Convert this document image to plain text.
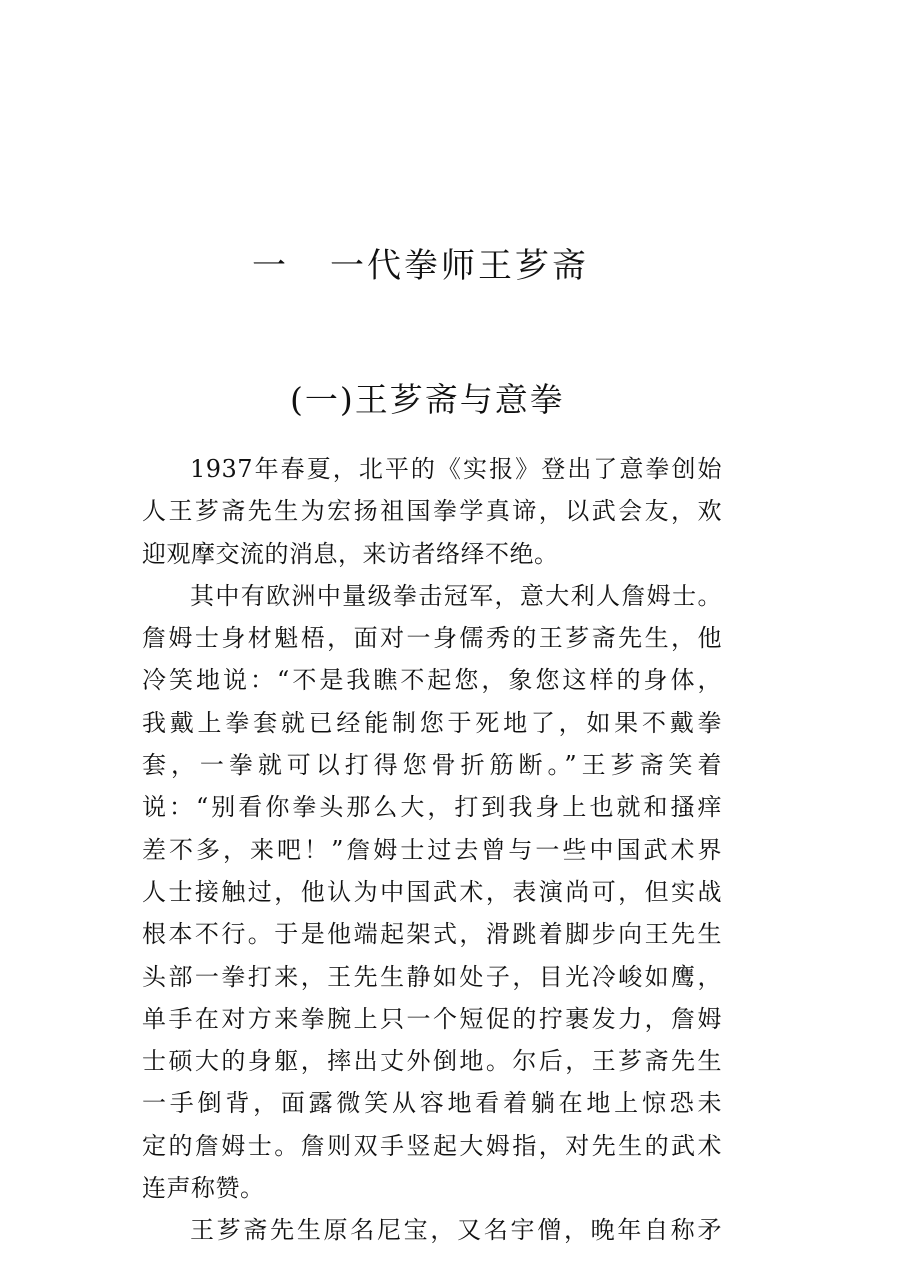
一 一代拳师王芗斋
(一)王芗斋与意拳
1937年春夏，北平的《实报》登出了意拳创始
人王芗斋先生为宏扬祖国拳学真谛，以武会友，欢
迎观摩交流的消息，来访者络绎不绝。
其中有欧洲中量级拳击冠军，意大利人詹姆士。
詹姆士身材魁梧，面对一身儒秀的王芗斋先生，他
冷笑地说：“不是我瞧不起您，象您这样的身体，
我戴上拳套就已经能制您于死地了，如果不戴拳
套，一拳就可以打得您骨折筋断。”王芗斋笑着
说：“别看你拳头那么大，打到我身上也就和搔痒
差不多，来吧！”詹姆士过去曾与一些中国武术界
人士接触过，他认为中国武术，表演尚可，但实战
根本不行。于是他端起架式，滑跳着脚步向王先生
头部一拳打来，王先生静如处子，目光冷峻如鹰，
单手在对方来拳腕上只一个短促的拧裹发力，詹姆
士硕大的身躯，摔出丈外倒地。尔后，王芗斋先生
一手倒背，面露微笑从容地看着躺在地上惊恐未
定的詹姆士。詹则双手竖起大姆指，对先生的武术
连声称赞。
王芗斋先生原名尼宝，又名宇僧，晚年自称矛
